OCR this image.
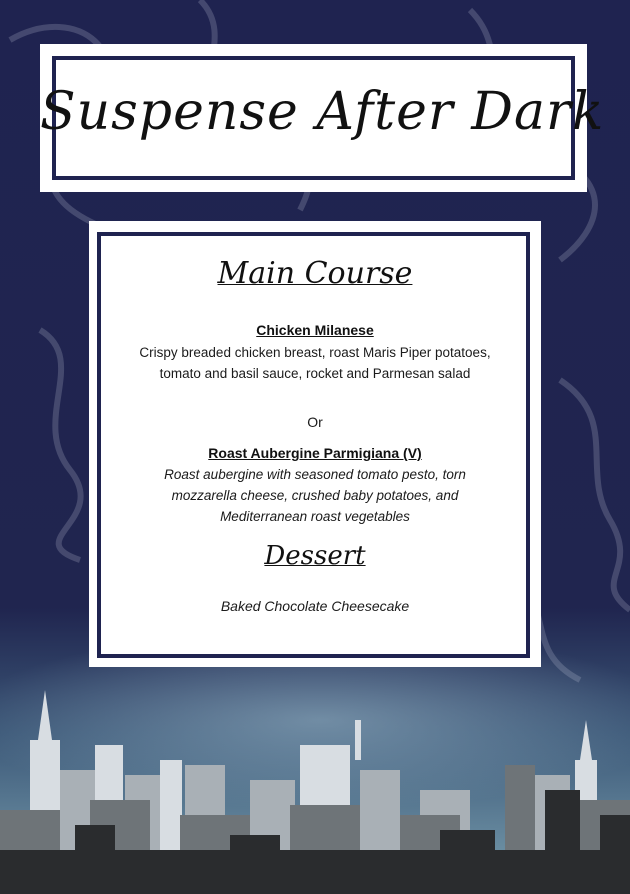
Suspense After Dark
Main Course
Chicken Milanese
Crispy breaded chicken breast, roast Maris Piper potatoes, tomato and basil sauce, rocket and Parmesan salad
Or
Roast Aubergine Parmigiana (V)
Roast aubergine with seasoned tomato pesto, torn mozzarella cheese, crushed baby potatoes, and Mediterranean roast vegetables
Dessert
Baked Chocolate Cheesecake
